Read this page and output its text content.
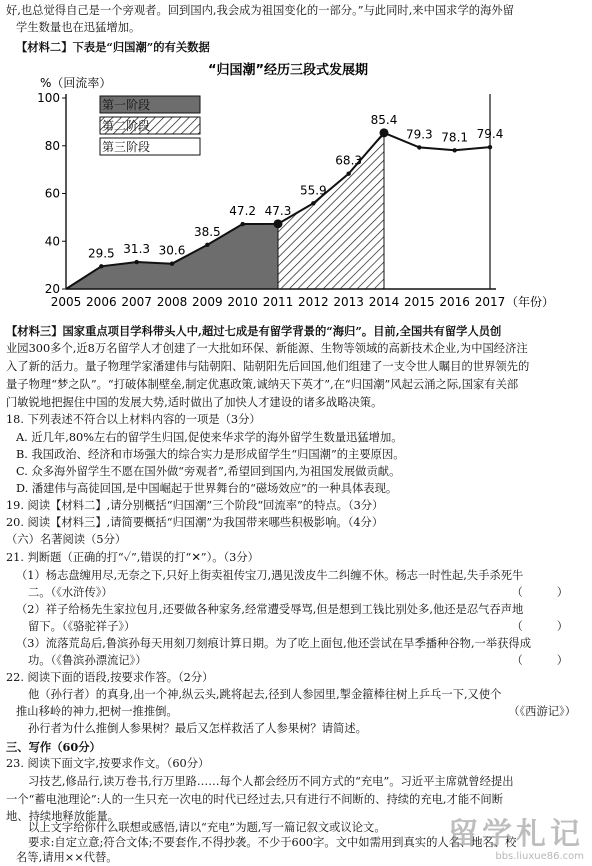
好,也总觉得自己是一个旁观者。回到国内,我会成为祖国变化的一部分。”与此同时,来中国求学的海外留
学生数量也在迅猛增加。
【材料二】下表是“归国潮”的有关数据
“归国潮”经历三段式发展期
%（回流率）
20
40
60
80
100
2005 2006 2007 2008 2009 2010 2011 2012 2013 2014 2015 2016 2017 （年份）
29.5 31.3 30.6
38.5
47.2 47.3
55.9
68.3
85.4
79.3 78.1 79.4
第一阶段
第二阶段
第三阶段
【材料三】国家重点项目学科带头人中,超过七成是有留学背景的“海归”。目前,全国共有留学人员创
业园300多个,近8万名留学人才创建了一大批如环保、新能源、生物等领域的高新技术企业,为中国经济注
入了新的活力。量子物理学家潘建伟与陆朝阳、陆朝阳先后回国,他们组建了一支令世人瞩目的世界领先的
量子物理“梦之队”。“打破体制壁垒,制定优惠政策,诚纳天下英才”,在“归国潮”风起云涌之际,国家有关部
门敏锐地把握住中国的发展大势,适时做出了加快人才建设的诸多战略决策。
18. 下列表述不符合以上材料内容的一项是（3分）
A. 近几年,80%左右的留学生归国,促使来华求学的海外留学生数量迅猛增加。
B. 我国政治、经济和市场强大的综合实力是形成留学生“归国潮”的主要原因。
C. 众多海外留学生不愿在国外做“旁观者”,希望回到国内,为祖国发展做贡献。
D. 潘建伟与高徒回国,是中国崛起于世界舞台的“磁场效应”的一种具体表现。
19. 阅读【材料二】,请分别概括“归国潮”三个阶段“回流率”的特点。（3分）
20. 阅读【材料三】,请简要概括“归国潮”为我国带来哪些积极影响。（4分）
（六）名著阅读（5分）
21. 判断题（正确的打“✓”,错误的打“✕”）。（3分）
（1）杨志盘缠用尽,无奈之下,只好上街卖祖传宝刀,遇见泼皮牛二纠缠不休。杨志一时性起,失手杀死牛
二。（《水浒传》）	（　　　）
（2）祥子给杨先生家拉包月,还要做各种家务,经常遭受辱骂,但是想到工钱比别处多,他还是忍气吞声地
留下。（《骆驼祥子》）	（　　　）
（3）流落荒岛后,鲁滨孙每天用刻刀刻痕计算日期。为了吃上面包,他还尝试在旱季播种谷物,一举获得成
功。（《鲁滨孙漂流记》）	（　　　）
22. 阅读下面的语段,按要求作答。（2分）
他（孙行者）的真身,出一个神,纵云头,跳将起去,径到人参园里,掣金箍棒往树上乒乓一下,又使个
推山移岭的神力,把树一推推倒。	（《西游记》）
孙行者为什么推倒人参果树？最后又怎样救活了人参果树？请简述。
三、写作（60分）
23. 阅读下面文字,按要求作文。（60分）
习技艺,修品行,读万卷书,行万里路……每个人都会经历不同方式的“充电”。习近平主席就曾经提出
一个“蓄电池理论”:人的一生只充一次电的时代已经过去,只有进行不间断的、持续的充电,才能不间断
地、持续地释放能量。
以上文字给你什么联想或感悟,请以“充电”为题,写一篇记叙文或议论文。
要求:自定立意;符合文体;不要套作,不得抄袭。不少于600字。文中如需用到真实的人名、地名、校
名等,请用××代替。
留学札记
bbs.liuxue86.com
